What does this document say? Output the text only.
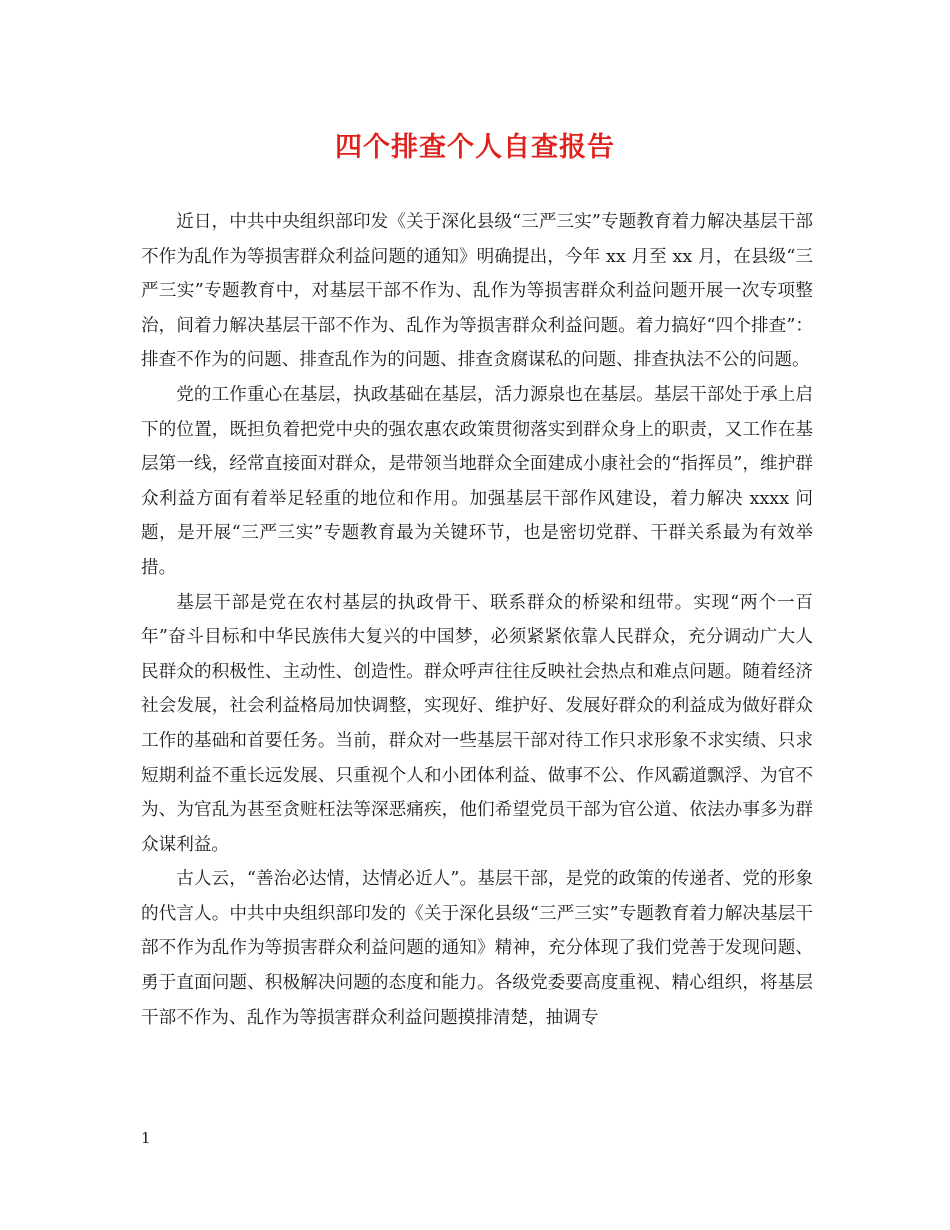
四个排查个人自查报告

近日，中共中央组织部印发《关于深化县级“三严三实”专题教育着力解决基层干部不作为乱作为等损害群众利益问题的通知》明确提出，今年 xx 月至 xx 月，在县级“三严三实”专题教育中，对基层干部不作为、乱作为等损害群众利益问题开展一次专项整治，间着力解决基层干部不作为、乱作为等损害群众利益问题。着力搞好“四个排查”：排查不作为的问题、排查乱作为的问题、排查贪腐谋私的问题、排查执法不公的问题。

党的工作重心在基层，执政基础在基层，活力源泉也在基层。基层干部处于承上启下的位置，既担负着把党中央的强农惠农政策贯彻落实到群众身上的职责，又工作在基层第一线，经常直接面对群众，是带领当地群众全面建成小康社会的“指挥员”，维护群众利益方面有着举足轻重的地位和作用。加强基层干部作风建设，着力解决 xxxx 问题，是开展“三严三实”专题教育最为关键环节，也是密切党群、干群关系最为有效举措。

基层干部是党在农村基层的执政骨干、联系群众的桥梁和纽带。实现“两个一百年”奋斗目标和中华民族伟大复兴的中国梦，必须紧紧依靠人民群众，充分调动广大人民群众的积极性、主动性、创造性。群众呼声往往反映社会热点和难点问题。随着经济社会发展，社会利益格局加快调整，实现好、维护好、发展好群众的利益成为做好群众工作的基础和首要任务。当前，群众对一些基层干部对待工作只求形象不求实绩、只求短期利益不重长远发展、只重视个人和小团体利益、做事不公、作风霸道飘浮、为官不为、为官乱为甚至贪赃枉法等深恶痛疾，他们希望党员干部为官公道、依法办事多为群众谋利益。

古人云，“善治必达情，达情必近人”。基层干部，是党的政策的传递者、党的形象的代言人。中共中央组织部印发的《关于深化县级“三严三实”专题教育着力解决基层干部不作为乱作为等损害群众利益问题的通知》精神，充分体现了我们党善于发现问题、勇于直面问题、积极解决问题的态度和能力。各级党委要高度重视、精心组织，将基层干部不作为、乱作为等损害群众利益问题摸排清楚，抽调专

1
